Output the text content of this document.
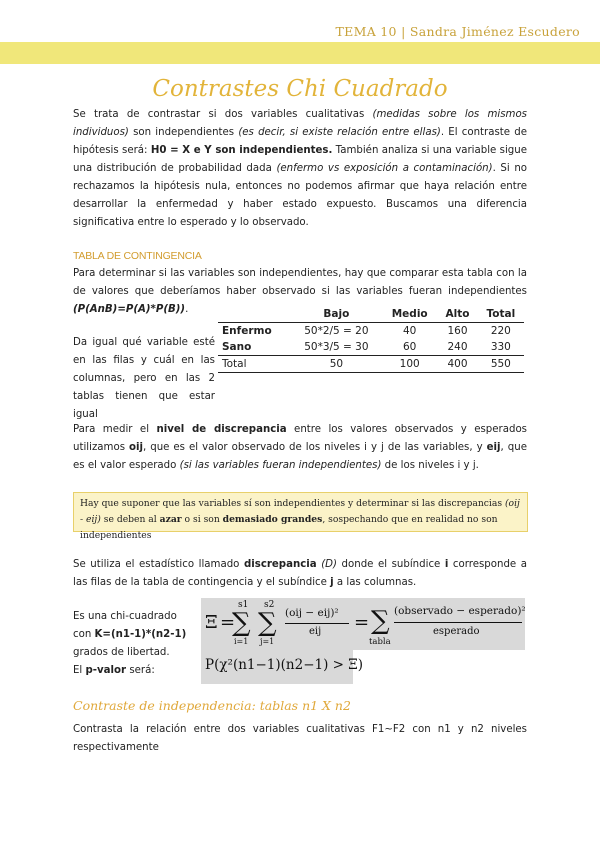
TEMA 10 | Sandra Jiménez Escudero
Contrastes Chi Cuadrado
Se trata de contrastar si dos variables cualitativas (medidas sobre los mismos individuos) son independientes (es decir, si existe relación entre ellas). El contraste de hipótesis será: H0 = X e Y son independientes. También analiza si una variable sigue una distribución de probabilidad dada (enfermo vs exposición a contaminación). Si no rechazamos la hipótesis nula, entonces no podemos afirmar que haya relación entre desarrollar la enfermedad y haber estado expuesto. Buscamos una diferencia significativa entre lo esperado y lo observado.
TABLA DE CONTINGENCIA
Para determinar si las variables son independientes, hay que comparar esta tabla con la de valores que deberíamos haber observado si las variables fueran independientes (P(AnB)=P(A)*P(B)).
Da igual qué variable esté en las filas y cuál en las columnas, pero en las 2 tablas tienen que estar igual
	Bajo	Medio	Alto	Total
Enfermo	50*2/5 = 20	40	160	220
Sano	50*3/5 = 30	60	240	330
Total	50	100	400	550
Para medir el nivel de discrepancia entre los valores observados y esperados utilizamos oij, que es el valor observado de los niveles i y j de las variables, y eij, que es el valor esperado (si las variables fueran independientes) de los niveles i y j.
Hay que suponer que las variables sí son independientes y determinar si las discrepancias (oij - eij) se deben al azar o si son demasiado grandes, sospechando que en realidad no son independientes
Se utiliza el estadístico llamado discrepancia (D) donde el subíndice i corresponde a las filas de la tabla de contingencia y el subíndice j a las columnas.
Es una chi-cuadrado
con K=(n1-1)*(n2-1)
grados de libertad.
El p-valor será:
Ξ =
s1
∑
i=1
s2
∑
j=1
(oij − eij)²
eij = ∑
tabla
(observado − esperado)²
esperado
P(χ²(n1−1)(n2−1) > Ξ)
Contraste de independencia: tablas n1 X n2
Contrasta la relación entre dos variables cualitativas F1~F2 con n1 y n2 niveles respectivamente
